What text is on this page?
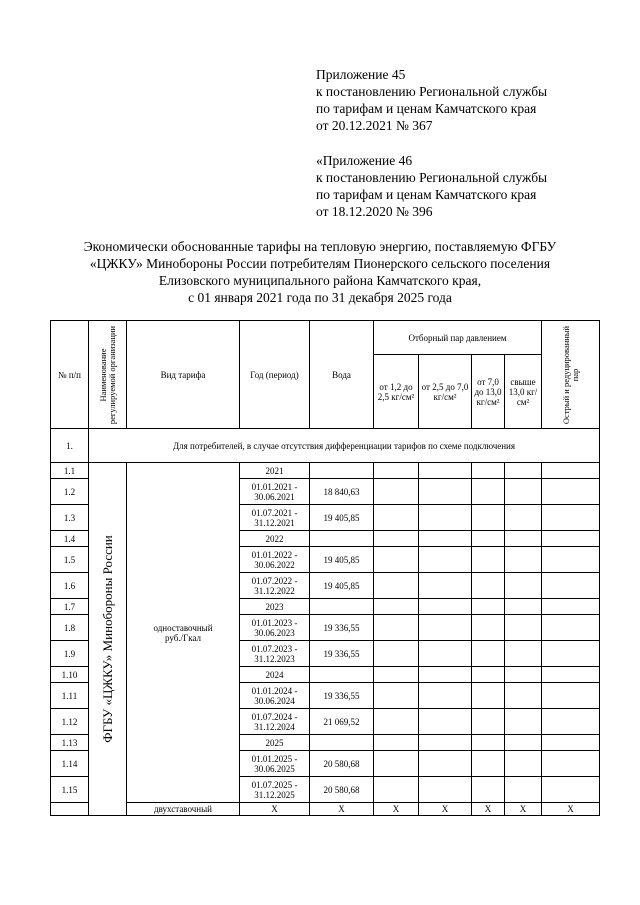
Приложение 45
к постановлению Региональной службы
по тарифам и ценам Камчатского края
от 20.12.2021 № 367
«Приложение 46
к постановлению Региональной службы
по тарифам и ценам Камчатского края
от 18.12.2020 № 396
Экономически обоснованные тарифы на тепловую энергию, поставляемую ФГБУ
«ЦЖКУ» Минобороны России потребителям Пионерского сельского поселения
Елизовского муниципального района Камчатского края,
с 01 января 2021 года по 31 декабря 2025 года
№ п/п	Наименование регулируемой организации	Вид тарифа	Год (период)	Вода	Отборный пар давлением				Острый и редуцированный пар

					от 1,2 до 2,5 кг/см²	от 2,5 до 7,0 кг/см²	от 7,0 до 13,0 кг/см²	свыше 13,0 кг/см²	
1.	Для потребителей, в случае отсутствия дифференциации тарифов по схеме подключения								
1.1	ФГБУ «ЦЖКУ» Минобороны России	одноставочный руб./Гкал	2021						
1.2			01.01.2021 - 30.06.2021	18 840,63					
1.3			01.07.2021 - 31.12.2021	19 405,85					
1.4			2022						
1.5			01.01.2022 - 30.06.2022	19 405,85					
1.6			01.07.2022 - 31.12.2022	19 405,85					
1.7			2023						
1.8			01.01.2023 - 30.06.2023	19 336,55					
1.9			01.07.2023 - 31.12.2023	19 336,55					
1.10			2024						
1.11			01.01.2024 - 30.06.2024	19 336,55					
1.12			01.07.2024 - 31.12.2024	21 069,52					
1.13			2025						
1.14			01.01.2025 - 30.06.2025	20 580,68					
1.15			01.07.2025 - 31.12.2025	20 580,68					
		двухставочный	X	X	X	X	X	X	X
